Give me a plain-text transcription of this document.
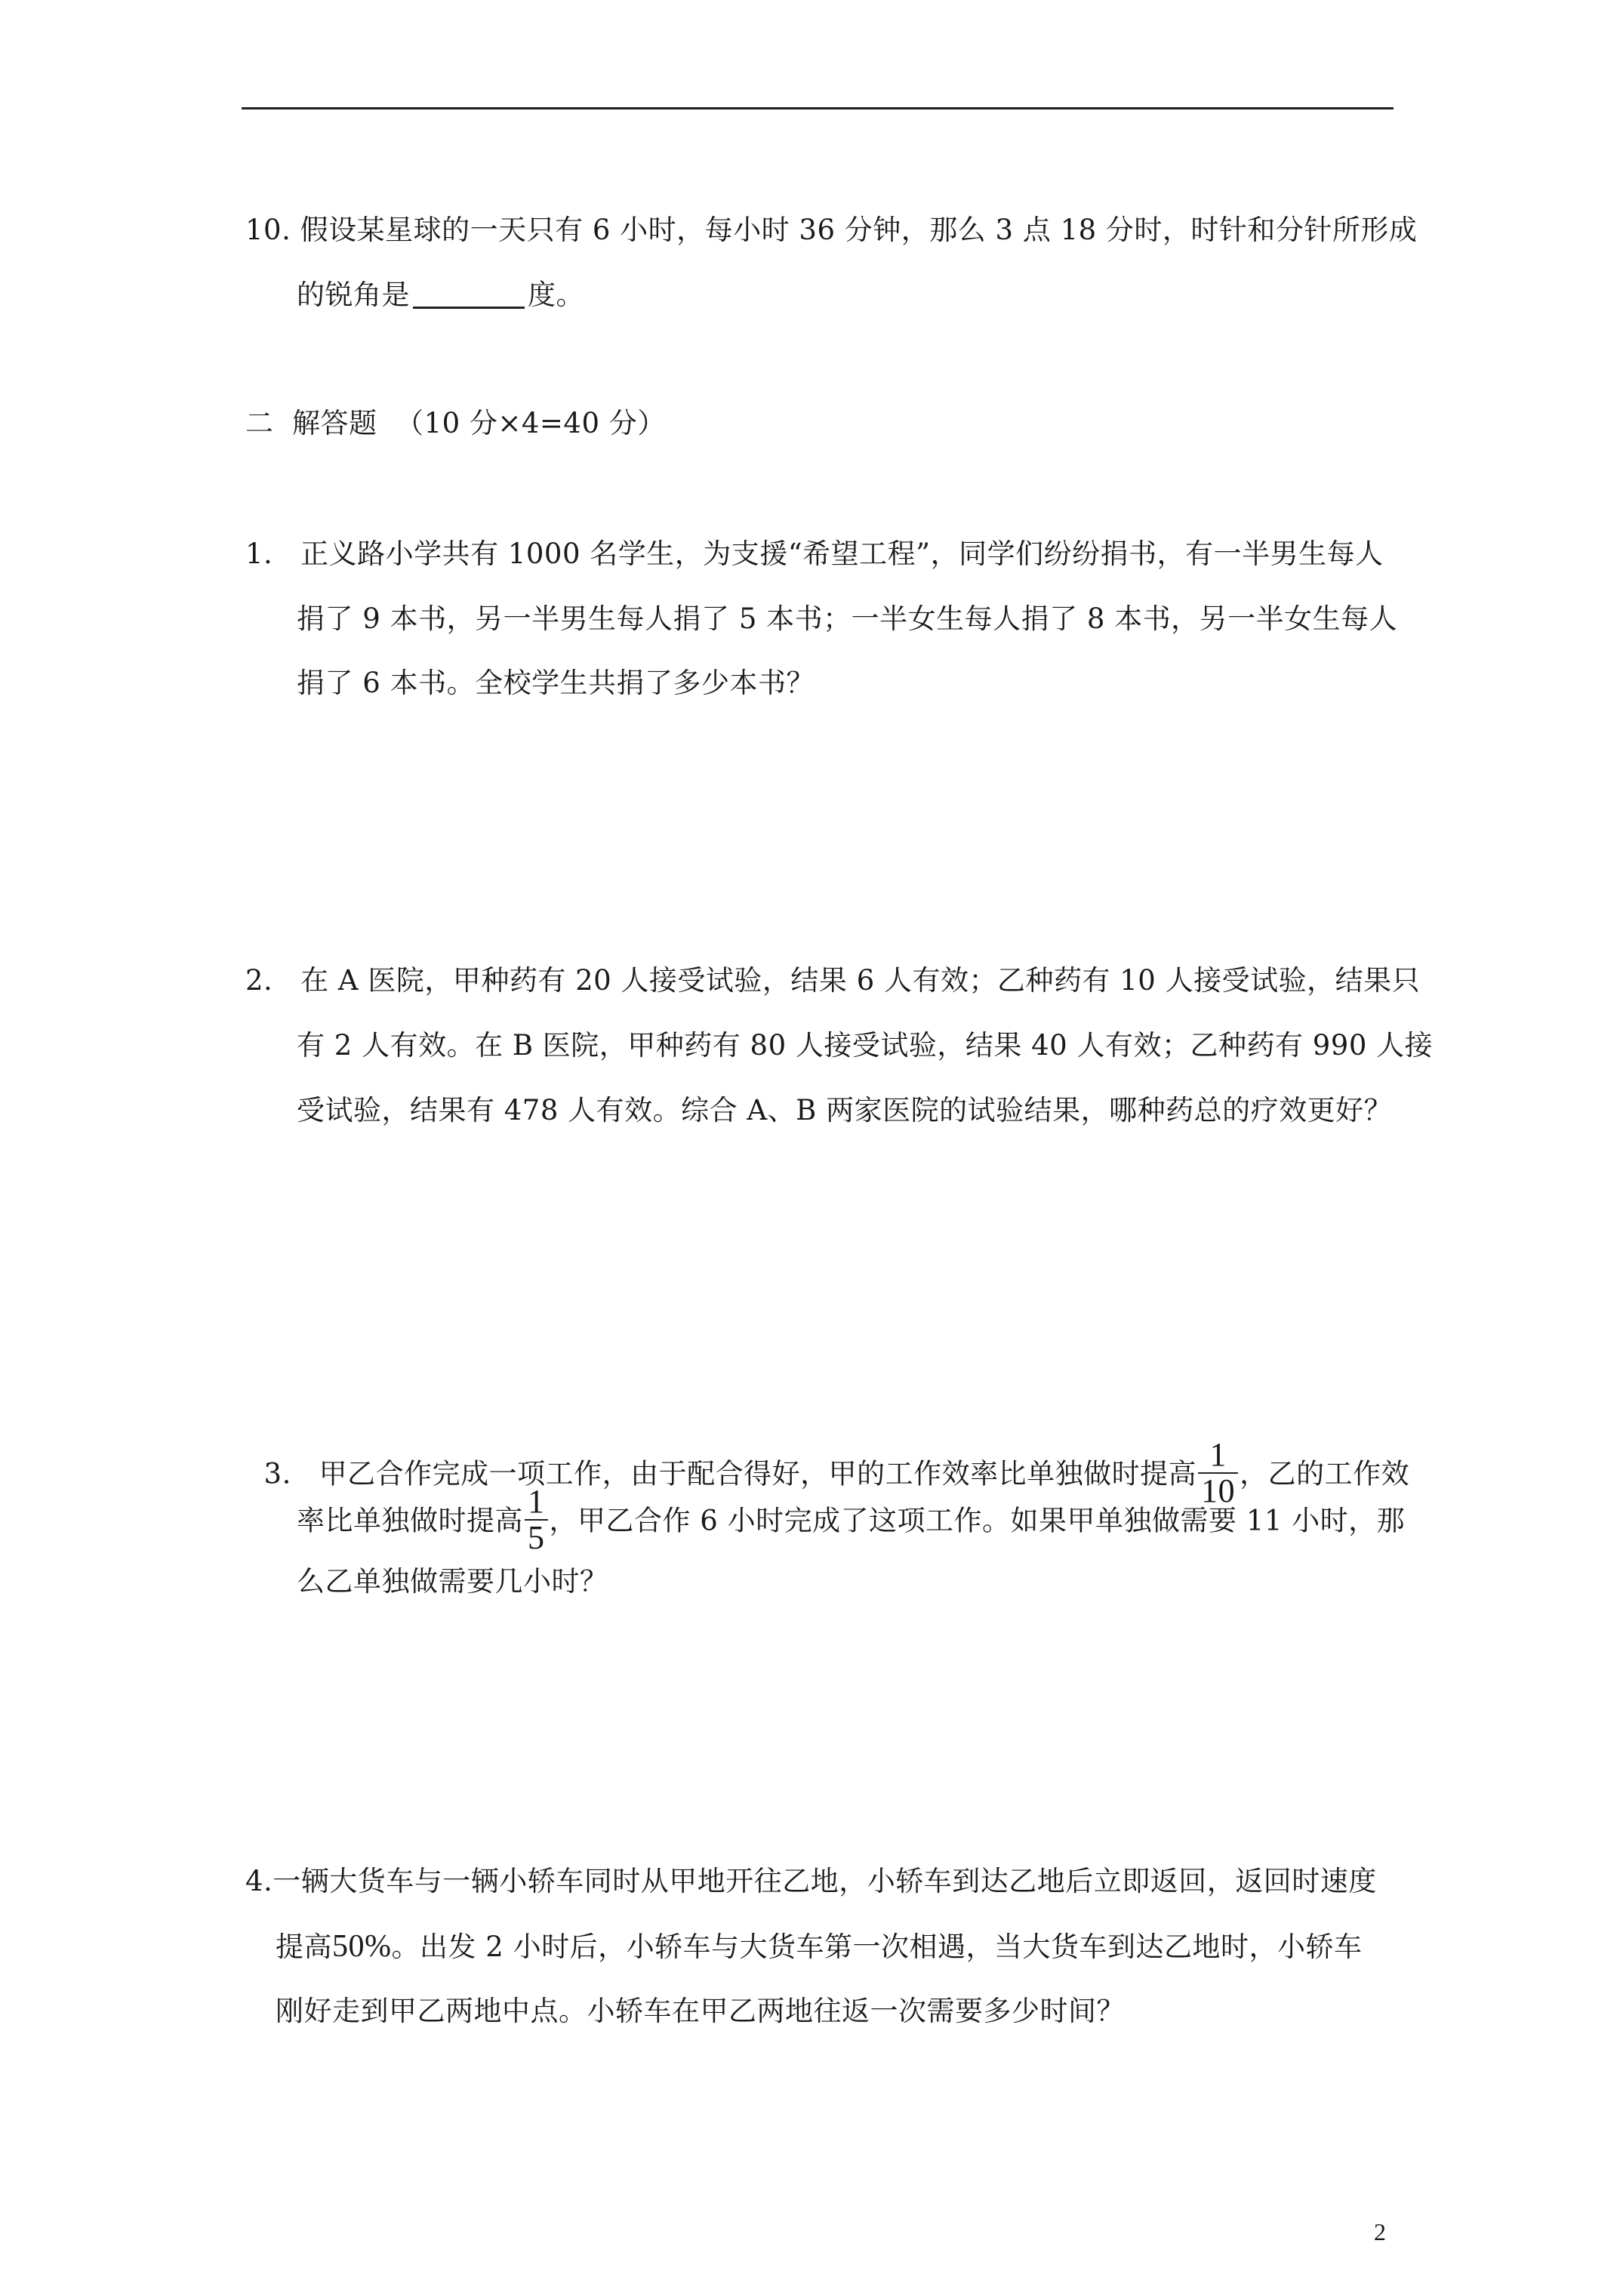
10. 假设某星球的一天只有 6 小时，每小时 36 分钟，那么 3 点 18 分时，时针和分针所形成
的锐角是	度。
二  解答题  （10 分×4=40 分）
1.   正义路小学共有 1000 名学生，为支援“希望工程”，同学们纷纷捐书，有一半男生每人
捐了 9 本书，另一半男生每人捐了 5 本书；一半女生每人捐了 8 本书，另一半女生每人
捐了 6 本书。全校学生共捐了多少本书？
2.   在 A 医院，甲种药有 20 人接受试验，结果 6 人有效；乙种药有 10 人接受试验，结果只
有 2 人有效。在 B 医院，甲种药有 80 人接受试验，结果 40 人有效；乙种药有 990 人接
受试验，结果有 478 人有效。综合 A、B 两家医院的试验结果，哪种药总的疗效更好？

3.   甲乙合作完成一项工作，由于配合得好，甲的工作效率比单独做时提高 $\frac{1}{10}$ ，乙的工作效

率比单独做时提高 $\frac{1}{5}$ ，甲乙合作 6 小时完成了这项工作。如果甲单独做需要 11 小时，那
么乙单独做需要几小时？
4.一辆大货车与一辆小轿车同时从甲地开往乙地，小轿车到达乙地后立即返回，返回时速度
提高50%。出发 2 小时后，小轿车与大货车第一次相遇，当大货车到达乙地时，小轿车
刚好走到甲乙两地中点。小轿车在甲乙两地往返一次需要多少时间？
2
